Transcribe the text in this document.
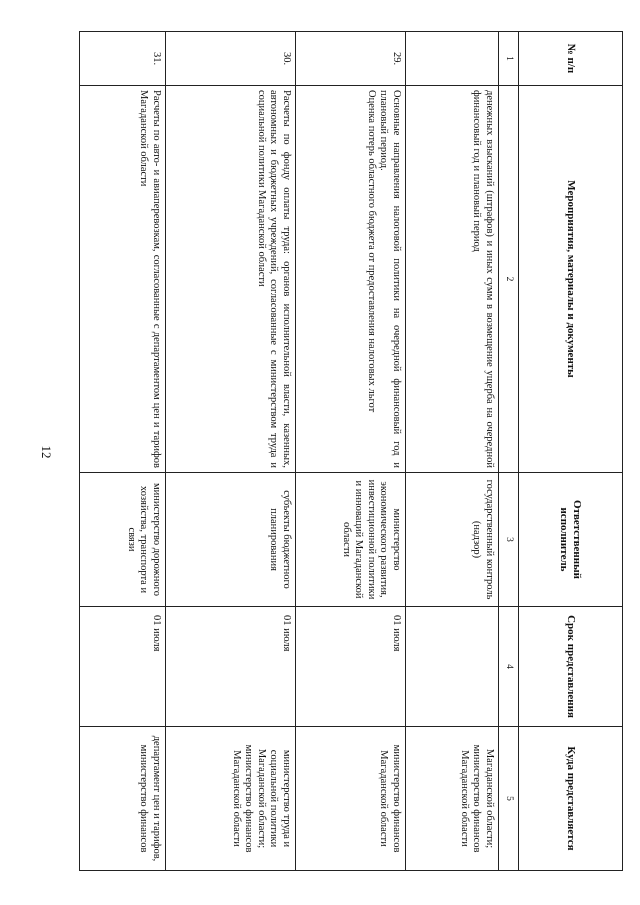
12
№ п/п	Мероприятия, материалы и документы	Ответственный исполнитель	Срок представления	Куда представляется
1	2	3	4	5

	денежных взысканий (штрафов) и иных сумм в возмещение ущерба на очередной финансовый год и плановый период	государственный контроль (надзор)		Магаданской области; министерство финансов Магаданской области
29.	Основные направления налоговой политики на очередной финансовый год и плановый период.
Оценка потерь областного бюджета от предоставления налоговых льгот	министерство экономического развития, инвестиционной политики и инноваций Магаданской области	01 июля	министерство финансов Магаданской области
30.	Расчеты по фонду оплаты труда: органов исполнительной власти, казенных, автономных и бюджетных учреждений, согласованные с министерством труда и социальной политики Магаданской области	субъекты бюджетного планирования	01 июля	министерство труда и социальной политики Магаданской области; министерство финансов Магаданской области
31.	Расчеты по авто- и авиаперевозкам, согласованные с департаментом цен и тарифов Магаданской области	министерство дорожного хозяйства, транспорта и связи	01 июля	департамент цен и тарифов, министерство финансов
